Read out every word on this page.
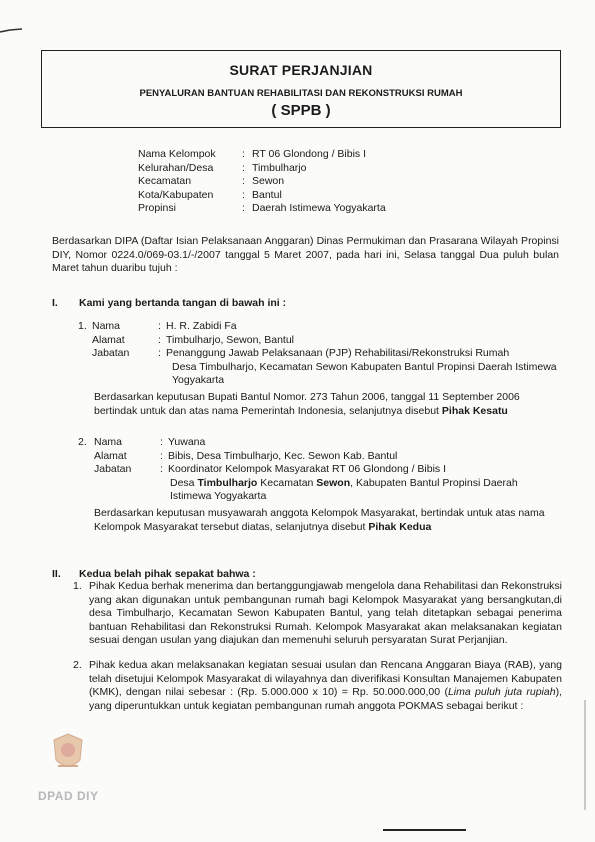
SURAT PERJANJIAN
PENYALURAN BANTUAN REHABILITASI DAN REKONSTRUKSI RUMAH
( SPPB )
Nama Kelompok	: RT 06 Glondong / Bibis I
Kelurahan/Desa	: Timbulharjo
Kecamatan	: Sewon
Kota/Kabupaten	: Bantul
Propinsi	: Daerah Istimewa Yogyakarta
Berdasarkan DIPA (Daftar Isian Pelaksanaan Anggaran) Dinas Permukiman dan Prasarana Wilayah Propinsi DIY, Nomor 0224.0/069-03.1/-/2007 tanggal 5 Maret 2007, pada hari ini, Selasa tanggal Dua puluh bulan Maret tahun duaribu tujuh :
I. Kami yang bertanda tangan di bawah ini :
1. Nama	: H. R. Zabidi Fa
Alamat	: Timbulharjo, Sewon, Bantul
Jabatan	: Penanggung Jawab Pelaksanaan (PJP) Rehabilitasi/Rekonstruksi Rumah
Desa Timbulharjo, Kecamatan Sewon Kabupaten Bantul Propinsi Daerah Istimewa
Yogyakarta
Berdasarkan keputusan Bupati Bantul Nomor. 273 Tahun 2006, tanggal 11 September 2006
bertindak untuk dan atas nama Pemerintah Indonesia, selanjutnya disebut Pihak Kesatu
2. Nama	: Yuwana
Alamat	: Bibis, Desa Timbulharjo, Kec. Sewon Kab. Bantul
Jabatan	: Koordinator Kelompok Masyarakat RT 06 Glondong / Bibis I
Desa Timbulharjo Kecamatan Sewon, Kabupaten Bantul Propinsi Daerah
Istimewa Yogyakarta
Berdasarkan keputusan musyawarah anggota Kelompok Masyarakat, bertindak untuk atas nama
Kelompok Masyarakat tersebut diatas, selanjutnya disebut Pihak Kedua
II. Kedua belah pihak sepakat bahwa :
1. Pihak Kedua berhak menerima dan bertanggungjawab mengelola dana Rehabilitasi dan Rekonstruksi yang akan digunakan untuk pembangunan rumah bagi Kelompok Masyarakat yang bersangkutan,di desa Timbulharjo, Kecamatan Sewon Kabupaten Bantul, yang telah ditetapkan sebagai penerima bantuan Rehabilitasi dan Rekonstruksi Rumah. Kelompok Masyarakat akan melaksanakan kegiatan sesuai dengan usulan yang diajukan dan memenuhi seluruh persyaratan Surat Perjanjian.
2. Pihak kedua akan melaksanakan kegiatan sesuai usulan dan Rencana Anggaran Biaya (RAB), yang telah disetujui Kelompok Masyarakat di wilayahnya dan diverifikasi Konsultan Manajemen Kabupaten (KMK), dengan nilai sebesar : (Rp. 5.000.000 x 10) = Rp. 50.000.000,00 (Lima puluh juta rupiah), yang diperuntukkan untuk kegiatan pembangunan rumah anggota POKMAS sebagai berikut :
DPAD DIY
